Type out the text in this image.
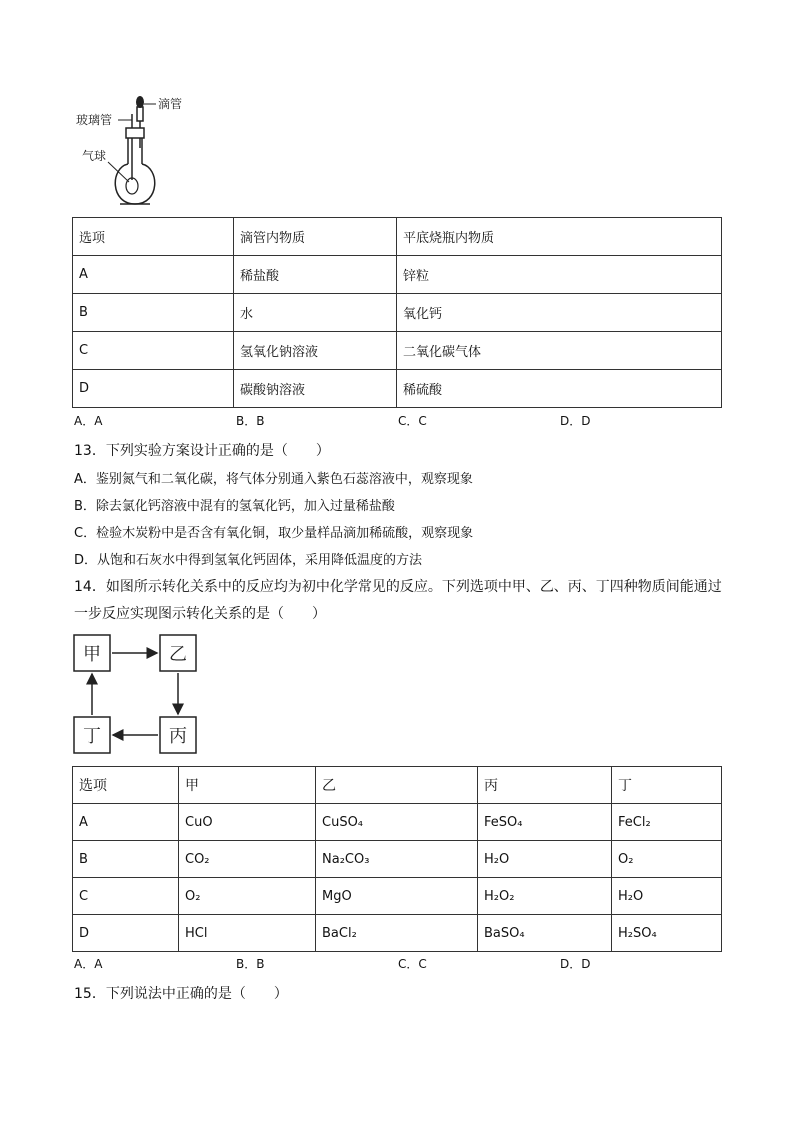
滴管
玻璃管
气球
选项	滴管内物质	平底烧瓶内物质
A	稀盐酸	锌粒
B	水	氧化钙
C	氢氧化钠溶液	二氧化碳气体
D	碳酸钠溶液	稀硫酸
A．A	B．B	C．C	D．D
13．下列实验方案设计正确的是（　　）
A．鉴别氮气和二氧化碳，将气体分别通入紫色石蕊溶液中，观察现象
B．除去氯化钙溶液中混有的氢氧化钙，加入过量稀盐酸
C．检验木炭粉中是否含有氧化铜，取少量样品滴加稀硫酸，观察现象
D．从饱和石灰水中得到氢氧化钙固体，采用降低温度的方法
14．如图所示转化关系中的反应均为初中化学常见的反应。下列选项中甲、乙、丙、丁四种物质间能通过
一步反应实现图示转化关系的是（　　）
甲	乙
丙
丁
选项	甲	乙	丙	丁
A	CuO	CuSO₄	FeSO₄	FeCl₂
B	CO₂	Na₂CO₃	H₂O	O₂
C	O₂	MgO	H₂O₂	H₂O
D	HCl	BaCl₂	BaSO₄	H₂SO₄
A．A	B．B	C．C	D．D
15．下列说法中正确的是（　　）
